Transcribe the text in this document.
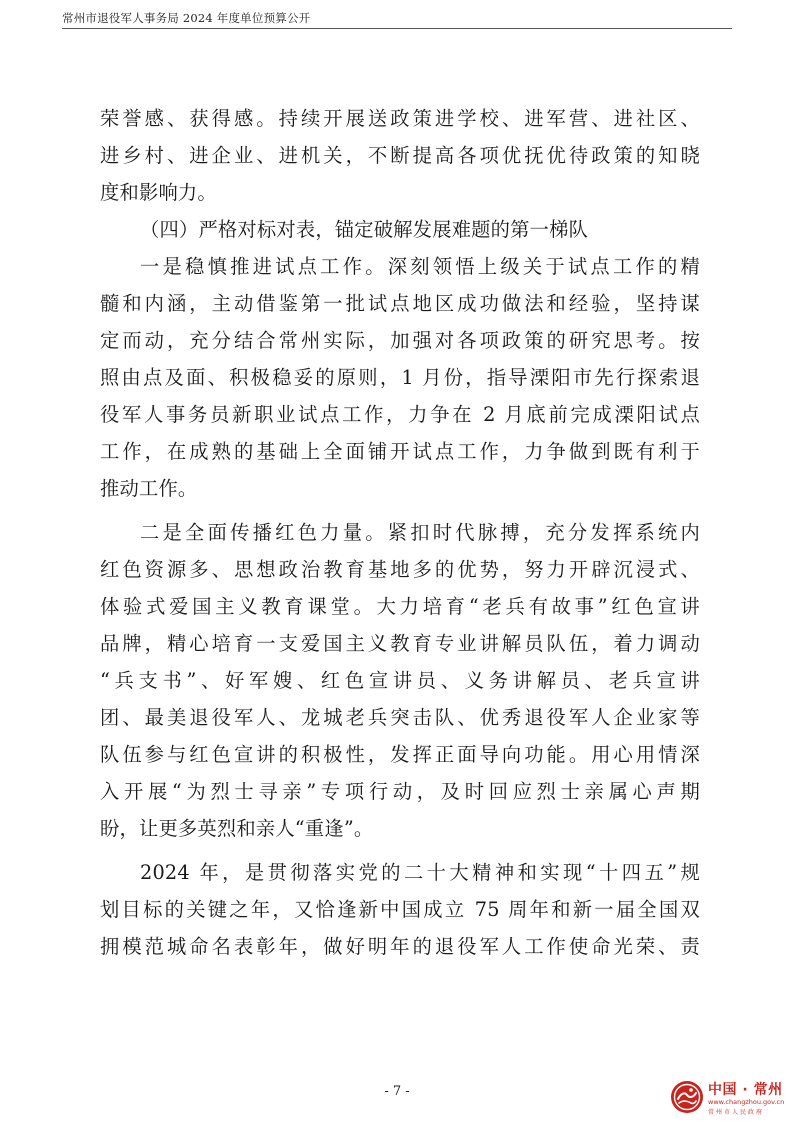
常州市退役军人事务局 2024 年度单位预算公开
荣誉感、获得感。持续开展送政策进学校、进军营、进社区、
进乡村、进企业、进机关，不断提高各项优抚优待政策的知晓
度和影响力。
（四）严格对标对表，锚定破解发展难题的第一梯队
一是稳慎推进试点工作。深刻领悟上级关于试点工作的精
髓和内涵，主动借鉴第一批试点地区成功做法和经验，坚持谋
定而动，充分结合常州实际，加强对各项政策的研究思考。按
照由点及面、积极稳妥的原则，1 月份，指导溧阳市先行探索退
役军人事务员新职业试点工作，力争在 2 月底前完成溧阳试点
工作，在成熟的基础上全面铺开试点工作，力争做到既有利于
推动工作。
二是全面传播红色力量。紧扣时代脉搏，充分发挥系统内
红色资源多、思想政治教育基地多的优势，努力开辟沉浸式、
体验式爱国主义教育课堂。大力培育“老兵有故事”红色宣讲
品牌，精心培育一支爱国主义教育专业讲解员队伍，着力调动
“兵支书”、好军嫂、红色宣讲员、义务讲解员、老兵宣讲
团、最美退役军人、龙城老兵突击队、优秀退役军人企业家等
队伍参与红色宣讲的积极性，发挥正面导向功能。用心用情深
入开展“为烈士寻亲”专项行动，及时回应烈士亲属心声期
盼，让更多英烈和亲人“重逢”。
2024 年，是贯彻落实党的二十大精神和实现“十四五”规
划目标的关键之年，又恰逢新中国成立 75 周年和新一届全国双
拥模范城命名表彰年，做好明年的退役军人工作使命光荣、责
- 7 -	中国 · 常州
www.changzhou.gov.cn
常州市人民政府
